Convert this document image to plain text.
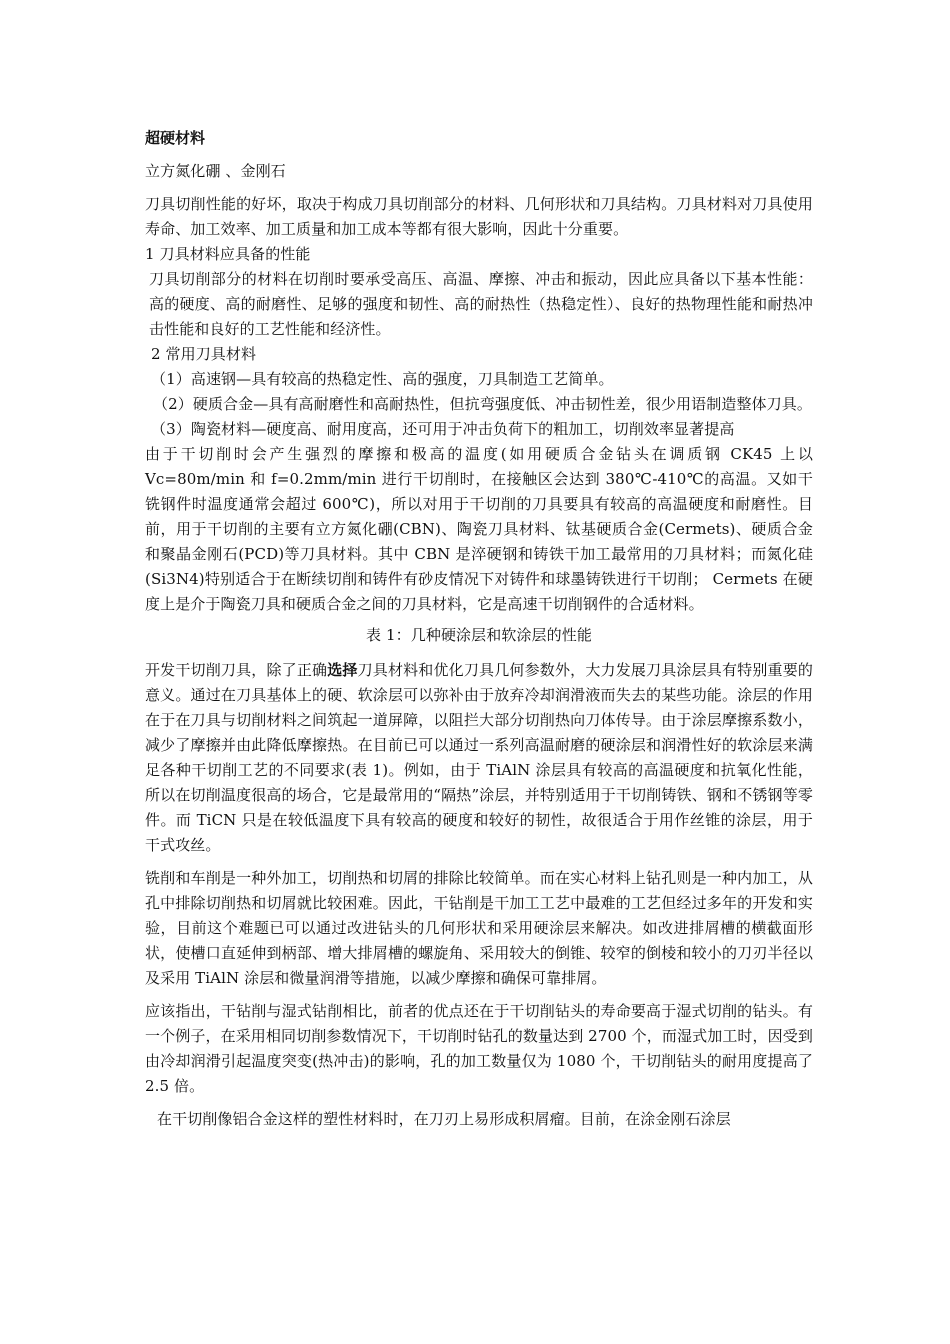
超硬材料

立方氮化硼 、金刚石

刀具切削性能的好坏，取决于构成刀具切削部分的材料、几何形状和刀具结构。刀具材料对刀具使用寿命、加工效率、加工质量和加工成本等都有很大影响，因此十分重要。

1 刀具材料应具备的性能

刀具切削部分的材料在切削时要承受高压、高温、摩擦、冲击和振动，因此应具备以下基本性能：高的硬度、高的耐磨性、足够的强度和韧性、高的耐热性（热稳定性）、良好的热物理性能和耐热冲击性能和良好的工艺性能和经济性。

2 常用刀具材料

（1）高速钢—具有较高的热稳定性、高的强度，刀具制造工艺简单。

（2）硬质合金—具有高耐磨性和高耐热性，但抗弯强度低、冲击韧性差，很少用语制造整体刀具。

（3）陶瓷材料—硬度高、耐用度高，还可用于冲击负荷下的粗加工，切削效率显著提高

由于干切削时会产生强烈的摩擦和极高的温度(如用硬质合金钻头在调质钢 CK45 上以 Vc=80m/min 和 f=0.2mm/min 进行干切削时，在接触区会达到 380℃-410℃的高温。又如干铣钢件时温度通常会超过 600℃)，所以对用于干切削的刀具要具有较高的高温硬度和耐磨性。目前，用于干切削的主要有立方氮化硼(CBN)、陶瓷刀具材料、钛基硬质合金(Cermets)、硬质合金和聚晶金刚石(PCD)等刀具材料。其中 CBN 是淬硬钢和铸铁干加工最常用的刀具材料；而氮化硅(Si3N4)特别适合于在断续切削和铸件有砂皮情况下对铸件和球墨铸铁进行干切削； Cermets 在硬度上是介于陶瓷刀具和硬质合金之间的刀具材料，它是高速干切削钢件的合适材料。

表 1：几种硬涂层和软涂层的性能

开发干切削刀具，除了正确选择刀具材料和优化刀具几何参数外，大力发展刀具涂层具有特别重要的意义。通过在刀具基体上的硬、软涂层可以弥补由于放弃冷却润滑液而失去的某些功能。涂层的作用在于在刀具与切削材料之间筑起一道屏障，以阻拦大部分切削热向刀体传导。由于涂层摩擦系数小，减少了摩擦并由此降低摩擦热。在目前已可以通过一系列高温耐磨的硬涂层和润滑性好的软涂层来满足各种干切削工艺的不同要求(表 1)。例如，由于 TiAlN 涂层具有较高的高温硬度和抗氧化性能，所以在切削温度很高的场合，它是最常用的“隔热”涂层，并特别适用于干切削铸铁、钢和不锈钢等零件。而 TiCN 只是在较低温度下具有较高的硬度和较好的韧性，故很适合于用作丝锥的涂层，用于干式攻丝。

铣削和车削是一种外加工，切削热和切屑的排除比较简单。而在实心材料上钻孔则是一种内加工，从孔中排除切削热和切屑就比较困难。因此，干钻削是干加工工艺中最难的工艺但经过多年的开发和实验，目前这个难题已可以通过改进钻头的几何形状和采用硬涂层来解决。如改进排屑槽的横截面形状，使槽口直延伸到柄部、增大排屑槽的螺旋角、采用较大的倒锥、较窄的倒棱和较小的刀刃半径以及采用 TiAlN 涂层和微量润滑等措施，以减少摩擦和确保可靠排屑。

应该指出，干钻削与湿式钻削相比，前者的优点还在于干切削钻头的寿命要高于湿式切削的钻头。有一个例子，在采用相同切削参数情况下，干切削时钻孔的数量达到 2700 个，而湿式加工时，因受到由冷却润滑引起温度突变(热冲击)的影响，孔的加工数量仅为 1080 个，干切削钻头的耐用度提高了 2.5 倍。

在干切削像铝合金这样的塑性材料时，在刀刃上易形成积屑瘤。目前，在涂金刚石涂层
